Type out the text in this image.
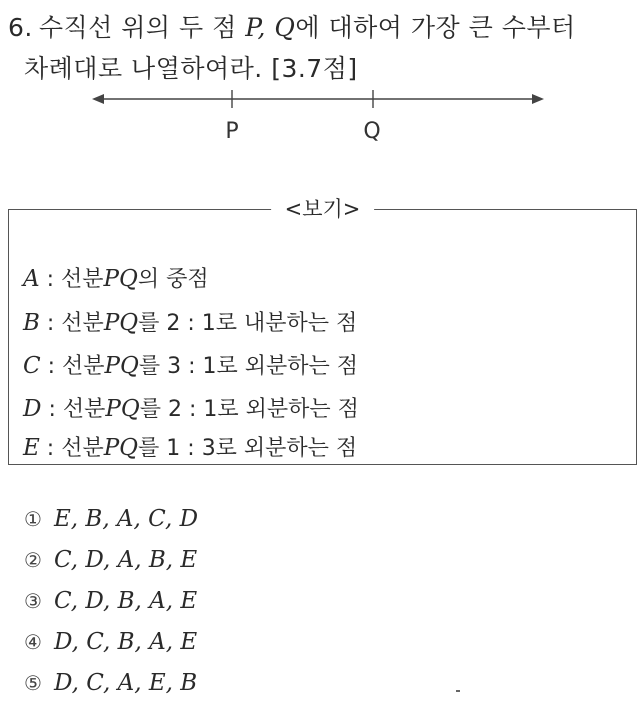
6. 수직선 위의 두 점 P, Q에 대하여 가장 큰 수부터
차례대로 나열하여라. [3.7점]
P	Q
<보기>
A : 선분PQ의 중점
B : 선분PQ를 2 : 1로 내분하는 점
C : 선분PQ를 3 : 1로 외분하는 점
D : 선분PQ를 2 : 1로 외분하는 점
E : 선분PQ를 1 : 3로 외분하는 점
① E, B, A, C, D
② C, D, A, B, E
③ C, D, B, A, E
④ D, C, B, A, E
⑤ D, C, A, E, B
